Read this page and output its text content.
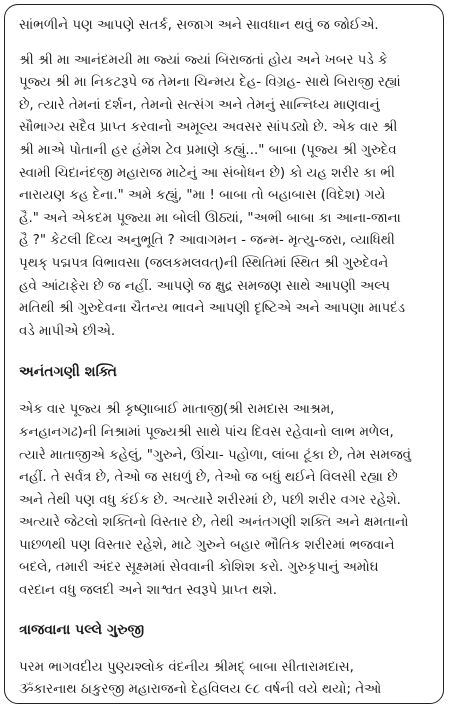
સાંભળીને પણ આપણે સતર્ક, સજાગ અને સાવધાન થવું જ જોઈએ.

શ્રી શ્રી મા આનંદમયી મા જ્યાં જ્યાં બિરાજતાં હોય અને ખબર પડે કે
પૂજ્ય શ્રી મા નિકટરૂપે જ તેમના ચિન્મય દેહ- વિગ્રહ- સાથે બિરાજી રહ્યાં
છે, ત્યારે તેમનાં દર્શન, તેમનો સત્સંગ અને તેમનું સાન્નિધ્ય માણવાનું
સૌભાગ્ય સદૈવ પ્રાપ્ત કરવાનો અમૂલ્ય અવસર સાંપડ્યો છે. એક વાર શ્રી
શ્રી માએ પોતાની હર હંમેશ ટેવ પ્રમાણે કહ્યું..." બાબા (પૂજ્ય શ્રી ગુરુદેવ
સ્વામી ચિદાનંદજી મહારાજ માટેનું આ સંબોધન છે) કો યહ શરીર કા ભી
નારાયણ કહ દેના." અમે કહ્યું, "મા ! બાબા તો બહાબાસ (વિદેશ) ગયે
હૈ." અને એકદમ પૂજ્યા મા બોલી ઊઠ્યાં, "અભી બાબા કા આના-જાના
હૈ ?" કેટલી દિવ્ય અનુભૂતિ ? આવાગમન - જન્મ- મૃત્યુ-જરા, વ્યાધિથી
પૃથક્ પદ્મપત્ર વિભાવસા (જલકમલવત્)ની સ્થિતિમાં સ્થિત શ્રી ગુરુદેવને
હવે આંટાફેરા છે જ નહીં. આપણે જ ક્ષુદ્ર સમજણ સાથે આપણી અલ્પ
મતિથી શ્રી ગુરુદેવના ચૈતન્ય ભાવને આપણી દૃષ્ટિએ અને આપણા માપદંડ
વડે માપીએ છીએ.

અનંતગણી શક્તિ

એક વાર પૂજ્ય શ્રી કૃષ્ણાબાઈ માતાજી(શ્રી રામદાસ આશ્રમ,
કનહાનગઢ)ની નિશ્રામાં પૂજ્યશ્રી સાથે પાંચ દિવસ રહેવાનો લાભ મળેલ,
ત્યારે માતાજીએ કહેલું, "ગુરુને, ઊંચા- પહોળા, લાંબા ટૂંકા છે, તેમ સમજવું
નહીં. તે સર્વત્ર છે, તેઓ જ સઘળું છે, તેઓ જ બધું થઈને વિલસી રહ્યા છે
અને તેથી પણ વધુ કંઈક છે. અત્યારે શરીરમાં છે, પછી શરીર વગર રહેશે.
અત્યારે જેટલો શક્તિનો વિસ્તાર છે, તેથી અનંતગણી શક્તિ અને ક્ષમતાનો
પાછળથી પણ વિસ્તાર રહેશે, માટે ગુરુને બહાર ભૌતિક શરીરમાં ભજવાને
બદલે, તમારી અંદર સૂક્ષ્મમાં સેવવાની કોશિશ કરો. ગુરુકૃપાનું અમોઘ
વરદાન વધુ જલદી અને શાશ્વત સ્વરૂપે પ્રાપ્ત થશે.

ત્રાજવાના પલ્લે ગુરુજી

પરમ ભાગવદીય પુણ્યશ્લોક વંદનીય શ્રીમદ્ બાબા સીતારામદાસ,
ૐકારનાથ ઠાકુરજી મહારાજનો દેહવિલય ૯૮ વર્ષની વયે થયો; તેઓ
